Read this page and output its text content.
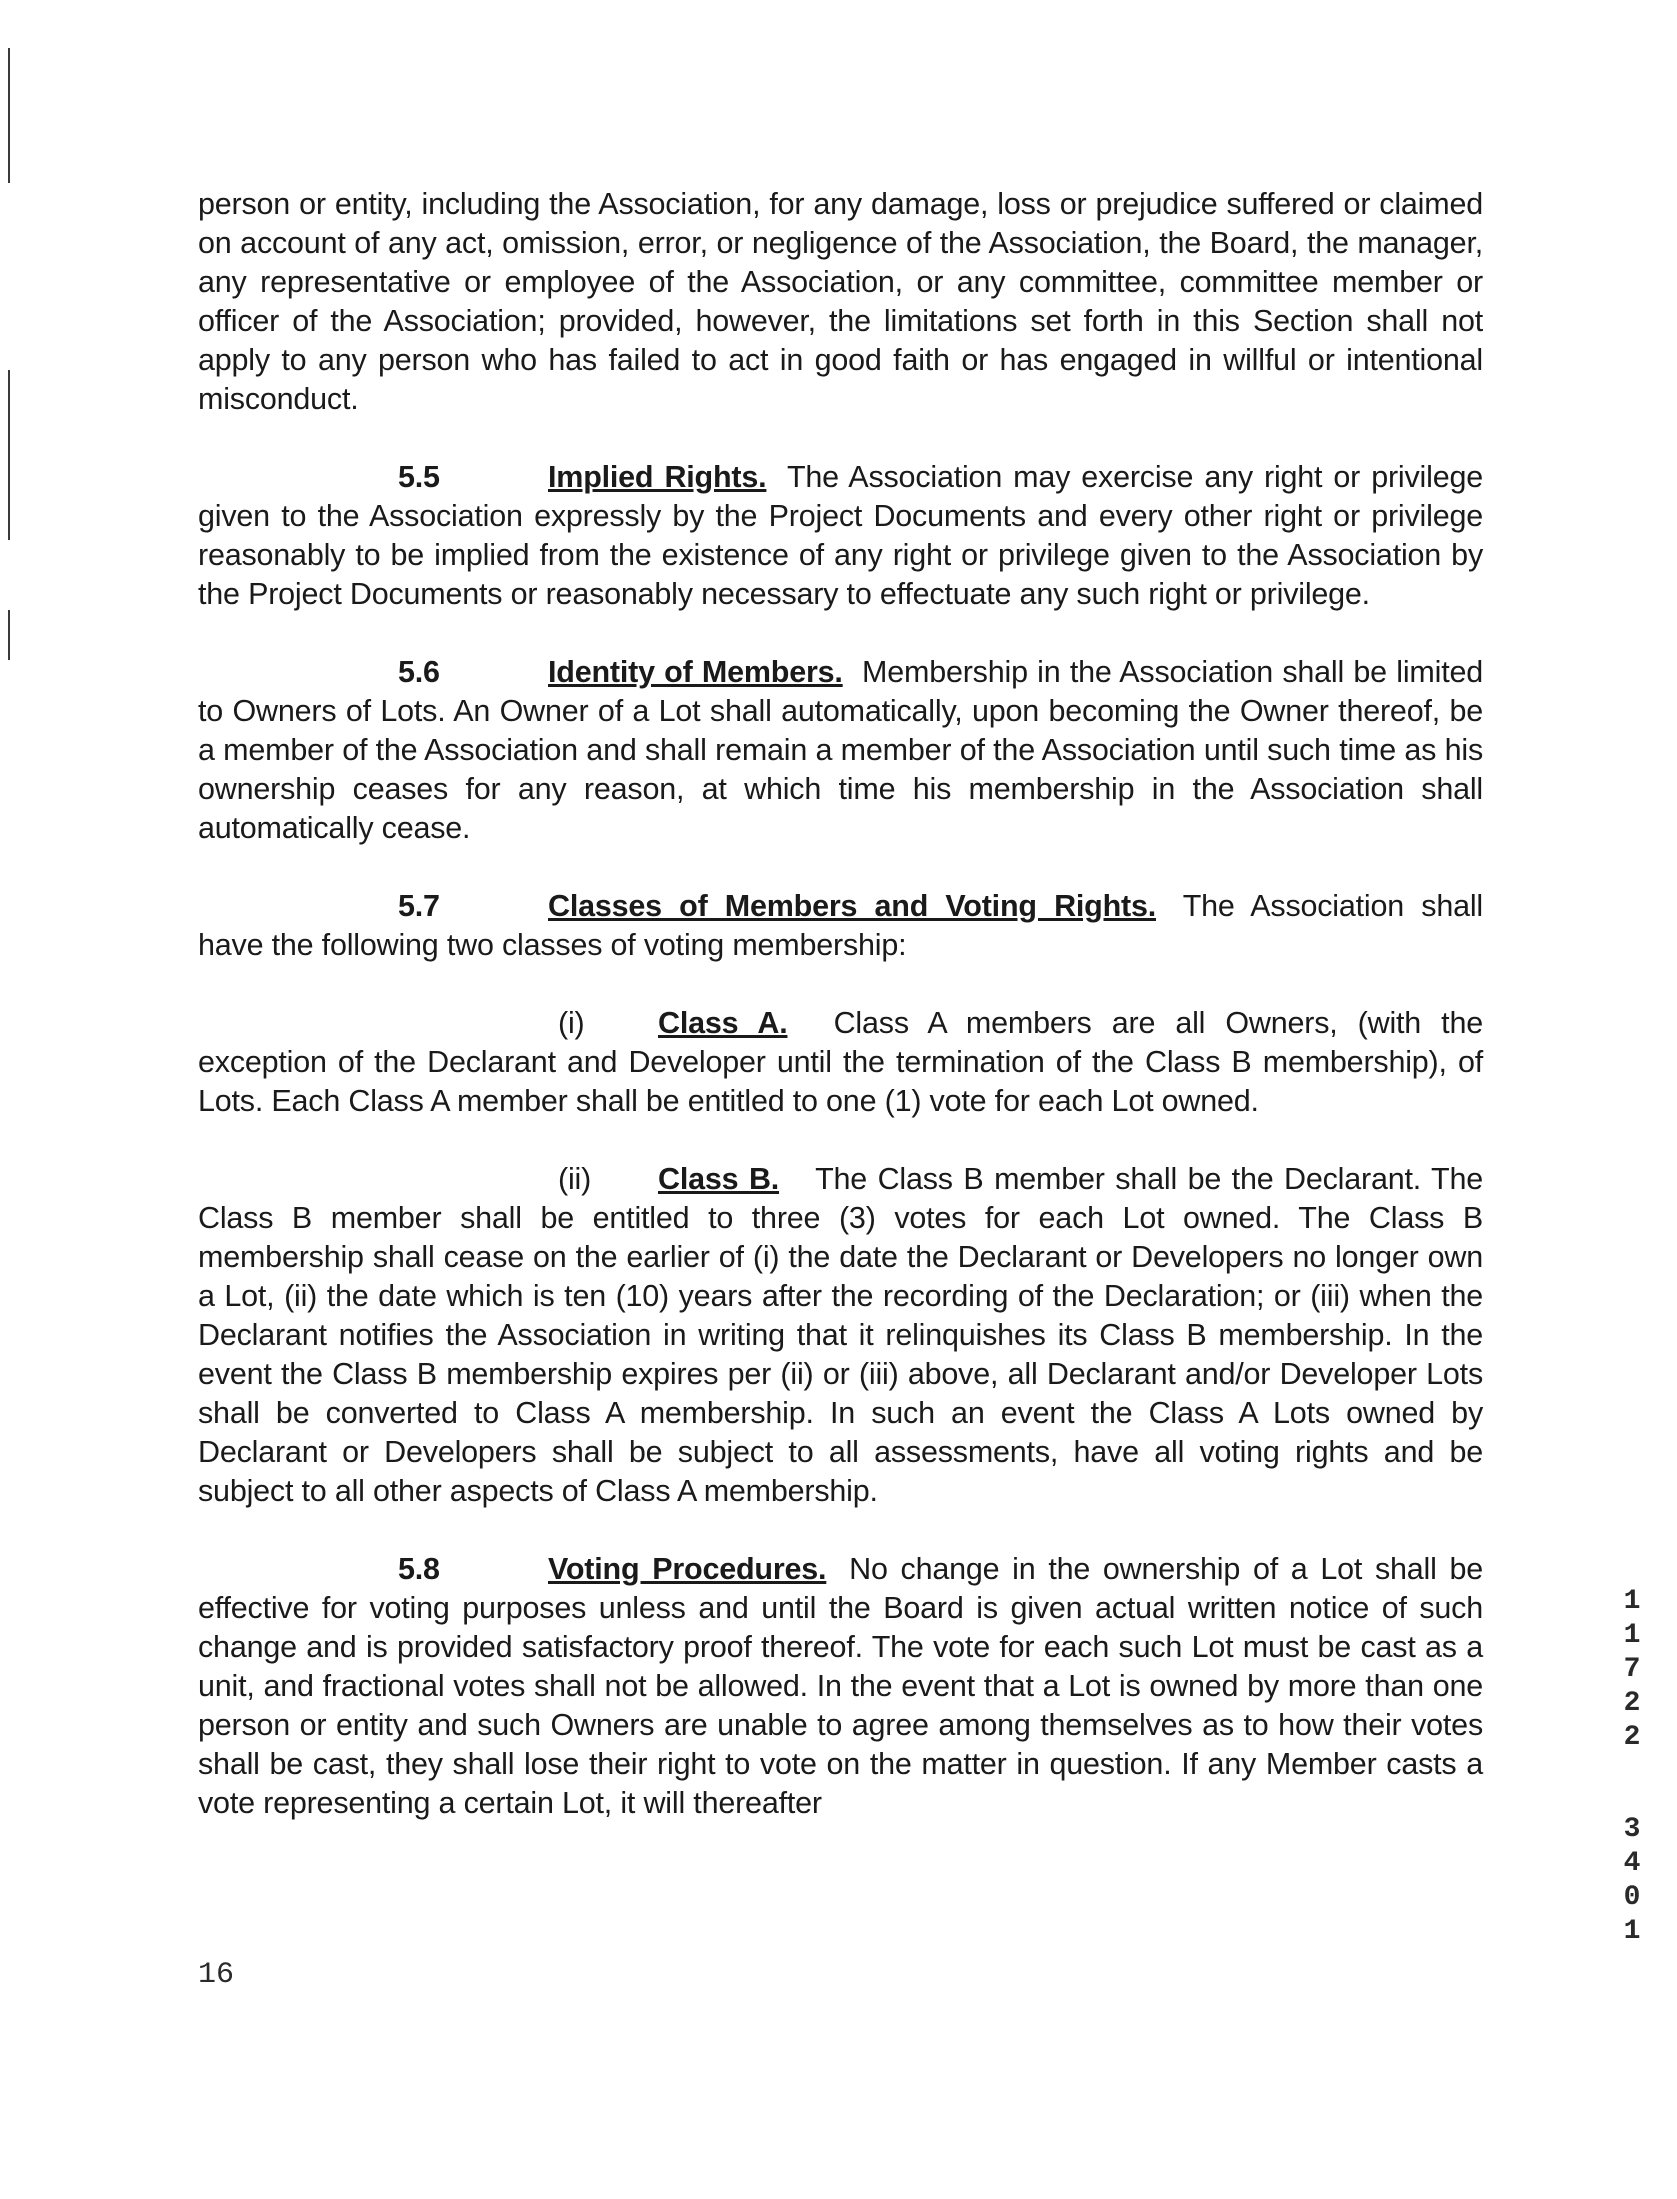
person or entity, including the Association, for any damage, loss or prejudice suffered or claimed on account of any act, omission, error, or negligence of the Association, the Board, the manager, any representative or employee of the Association, or any committee, committee member or officer of the Association; provided, however, the limitations set forth in this Section shall not apply to any person who has failed to act in good faith or has engaged in willful or intentional misconduct.

5.5	Implied Rights. The Association may exercise any right or privilege given to the Association expressly by the Project Documents and every other right or privilege reasonably to be implied from the existence of any right or privilege given to the Association by the Project Documents or reasonably necessary to effectuate any such right or privilege.

5.6	Identity of Members. Membership in the Association shall be limited to Owners of Lots. An Owner of a Lot shall automatically, upon becoming the Owner thereof, be a member of the Association and shall remain a member of the Association until such time as his ownership ceases for any reason, at which time his membership in the Association shall automatically cease.

5.7	Classes of Members and Voting Rights. The Association shall have the following two classes of voting membership:

(i) Class A. Class A members are all Owners, (with the exception of the Declarant and Developer until the termination of the Class B membership), of Lots. Each Class A member shall be entitled to one (1) vote for each Lot owned.

(ii) Class B. The Class B member shall be the Declarant. The Class B member shall be entitled to three (3) votes for each Lot owned. The Class B membership shall cease on the earlier of (i) the date the Declarant or Developers no longer own a Lot, (ii) the date which is ten (10) years after the recording of the Declaration; or (iii) when the Declarant notifies the Association in writing that it relinquishes its Class B membership. In the event the Class B membership expires per (ii) or (iii) above, all Declarant and/or Developer Lots shall be converted to Class A membership. In such an event the Class A Lots owned by Declarant or Developers shall be subject to all assessments, have all voting rights and be subject to all other aspects of Class A membership.

5.8	Voting Procedures. No change in the ownership of a Lot shall be effective for voting purposes unless and until the Board is given actual written notice of such change and is provided satisfactory proof thereof. The vote for each such Lot must be cast as a unit, and fractional votes shall not be allowed. In the event that a Lot is owned by more than one person or entity and such Owners are unable to agree among themselves as to how their votes shall be cast, they shall lose their right to vote on the matter in question. If any Member casts a vote representing a certain Lot, it will thereafter

16
1
1
7
2
2
3
4
0
1
